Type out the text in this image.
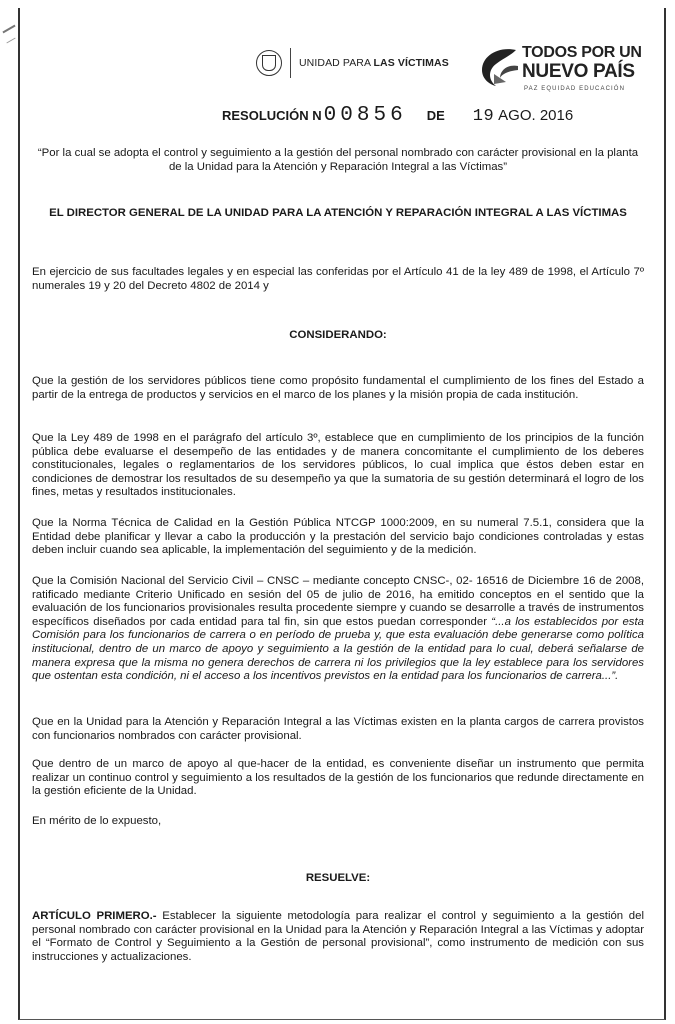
UNIDAD PARA LAS VÍCTIMAS
TODOS POR UN
NUEVO PAÍS
PAZ EQUIDAD EDUCACIÓN
RESOLUCIÓN N 00856 DE 19 AGO. 2016

“Por la cual se adopta el control y seguimiento a la gestión del personal nombrado con carácter provisional en la planta de la Unidad para la Atención y Reparación Integral a las Víctimas”

EL DIRECTOR GENERAL DE LA UNIDAD PARA LA ATENCIÓN Y REPARACIÓN INTEGRAL A LAS VÍCTIMAS

En ejercicio de sus facultades legales y en especial las conferidas por el Artículo 41 de la ley 489 de 1998, el Artículo 7º numerales 19 y 20 del Decreto 4802 de 2014 y

CONSIDERANDO:

Que la gestión de los servidores públicos tiene como propósito fundamental el cumplimiento de los fines del Estado a partir de la entrega de productos y servicios en el marco de los planes y la misión propia de cada institución.

Que la Ley 489 de 1998 en el parágrafo del artículo 3º, establece que en cumplimiento de los principios de la función pública debe evaluarse el desempeño de las entidades y de manera concomitante el cumplimiento de los deberes constitucionales, legales o reglamentarios de los servidores públicos, lo cual implica que éstos deben estar en condiciones de demostrar los resultados de su desempeño ya que la sumatoria de su gestión determinará el logro de los fines, metas y resultados institucionales.

Que la Norma Técnica de Calidad en la Gestión Pública NTCGP 1000:2009, en su numeral 7.5.1, considera que la Entidad debe planificar y llevar a cabo la producción y la prestación del servicio bajo condiciones controladas y estas deben incluir cuando sea aplicable, la implementación del seguimiento y de la medición.

Que la Comisión Nacional del Servicio Civil – CNSC – mediante concepto CNSC-, 02- 16516 de Diciembre 16 de 2008, ratificado mediante Criterio Unificado en sesión del 05 de julio de 2016, ha emitido conceptos en el sentido que la evaluación de los funcionarios provisionales resulta procedente siempre y cuando se desarrolle a través de instrumentos específicos diseñados por cada entidad para tal fin, sin que estos puedan corresponder “...a los establecidos por esta Comisión para los funcionarios de carrera o en período de prueba y, que esta evaluación debe generarse como política institucional, dentro de un marco de apoyo y seguimiento a la gestión de la entidad para lo cual, deberá señalarse de manera expresa que la misma no genera derechos de carrera ni los privilegios que la ley establece para los servidores que ostentan esta condición, ni el acceso a los incentivos previstos en la entidad para los funcionarios de carrera...”.

Que en la Unidad para la Atención y Reparación Integral a las Víctimas existen en la planta cargos de carrera provistos con funcionarios nombrados con carácter provisional.

Que dentro de un marco de apoyo al que-hacer de la entidad, es conveniente diseñar un instrumento que permita realizar un continuo control y seguimiento a los resultados de la gestión de los funcionarios que redunde directamente en la gestión eficiente de la Unidad.

En mérito de lo expuesto,

RESUELVE:

ARTÍCULO PRIMERO.- Establecer la siguiente metodología para realizar el control y seguimiento a la gestión del personal nombrado con carácter provisional en la Unidad para la Atención y Reparación Integral a las Víctimas y adoptar el “Formato de Control y Seguimiento a la Gestión de personal provisional”, como instrumento de medición con sus instrucciones y actualizaciones.
